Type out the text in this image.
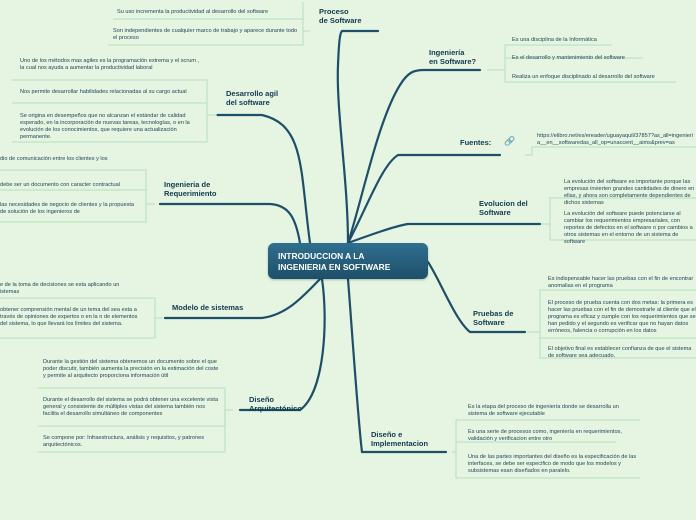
INTRODUCCION A LA
INGENIERIA EN SOFTWARE
Proceso
de Software
Su uso incrementa la productividad al desarrollo del software
Son independientes de cualquier marco de trabajo y aparece durante todo el proceso
Ingeniería
en Software?
Es una disciplina de la Informática
Es el desarrollo y mantenimiento del software
Realiza un enfoque disciplinado al desarrollo del software
Fuentes: 🔗	https://elibro.net/es/ereader/uguayaquil/37857?as_all=ingenieria__en__softwaredas_all_op=unaccent__aims&prev=as
Evolucion del
Software
La evolución del software es importante porque las empresas invierten grandes cantidades de dinero en ellas, y ahora son completamente dependientes de dichos sistemas
La evolución del software puede potenciarse al cambiar los requerimientos empresariales, con reportes de defectos en el software o por cambios a otros sistemas en el entorno de un sistema de software
Pruebas de
Software
Es indispensable hacer las pruebas con el fin de encontrar anomalias en el programa
El proceso de prueba cuenta con dos metas: la primera es hacer las pruebas con el fin de demostrarle al cliente que el programa es eficaz y cumple con los requerimientos que se han pedido y el segundo es verificar que no hayan datos erróneos, falencia o corrupción en los datos
El objetivo final es establecer confianza de que el sistema de software sea adecuado.
Diseño e
Implementacion
Es la etapa del proceso de ingeniería donde se desarrolla un sistema de software ejecutable
Es una serie de procesos como, ingeniería en requerimientos, validación y verificacion entre otro
Una de las partes importantes del diseño es la especificación de las interfaces, se debe ser especifico de modo que los modelos y subsistemas esan diseñados en paralelo.
Desarrollo agil
del software
Uno de los métodos mas agiles es la programación extrema y el scrum , la cual nos ayuda a aumentar la productividad laboral
Nos permite desarrollar habilidades relacionadas al su cargo actual
Se origina en desempeños que no alcanzan el estándar de calidad esperado, en la incorporación de nuevas tareas, tecnologías, o en la evolución de los conocimientos, que requiere una actualización permanente.
Ingenieria de
Requerimiento
dio de comunicación entre los clientes y los
debe ser un documento con caracter contractual
las necesidades de negocio de clientes y la propuesta de solución de los ingenieros de
Modelo de sistemas
e de la toma de decisiones se esta aplicando un istemas
obtener comprensión mental de un tema del sea esta a través de opiniones de expertos o en la n de elementos del sistema, lo que llevará los límites del sistema.
Diseño
Arquitectónico
Durante la gestión del sistema obtenemos un documento sobre el que poder discutir, también aumenta la precisión en la estimación del coste y permite al arquitecto proporciona información útil
Durante el desarrollo del sistema se podrá obtener una excelente vista general y consistente de múltiples vistas del sistema también nos facilita el desarrollo simultáneo de componentes
Se compone por: Infraestructura, análisis y requisitos, y patrones arquitectónicos.
